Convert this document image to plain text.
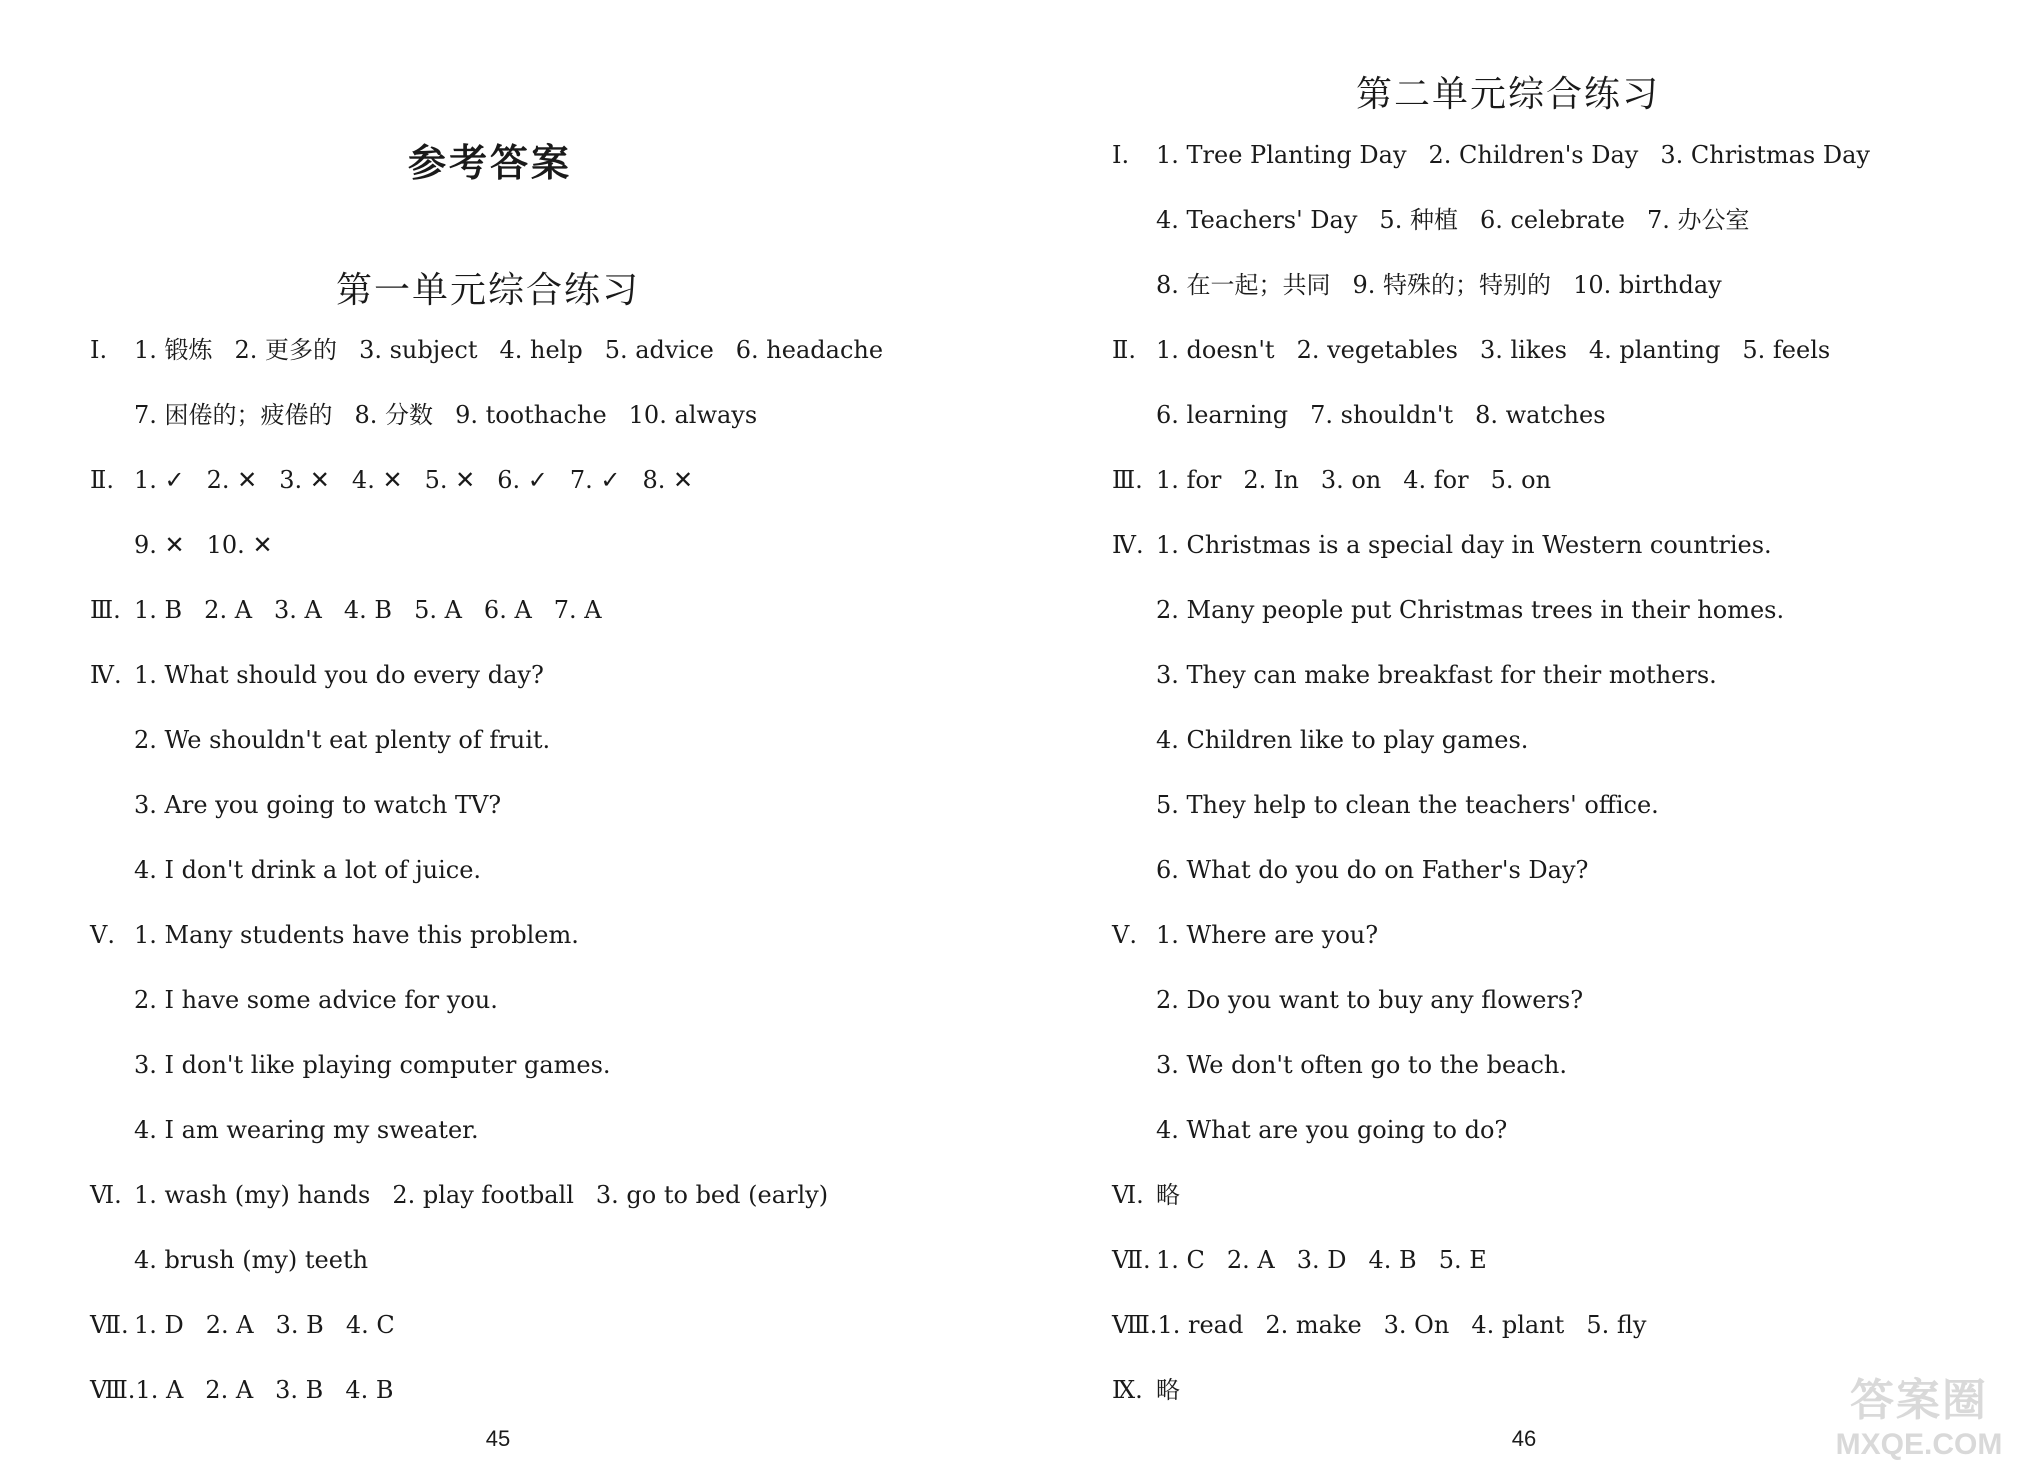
参考答案
第一单元综合练习
Ⅰ. 1. 锻炼 2. 更多的 3. subject 4. help 5. advice 6. headache
7. 困倦的；疲倦的 8. 分数 9. toothache 10. always
Ⅱ. 1. ✓ 2. ✕ 3. ✕ 4. ✕ 5. ✕ 6. ✓ 7. ✓ 8. ✕
9. ✕ 10. ✕
Ⅲ. 1. B 2. A 3. A 4. B 5. A 6. A 7. A
Ⅳ. 1. What should you do every day?
2. We shouldn't eat plenty of fruit.
3. Are you going to watch TV?
4. I don't drink a lot of juice.
Ⅴ. 1. Many students have this problem.
2. I have some advice for you.
3. I don't like playing computer games.
4. I am wearing my sweater.
Ⅵ. 1. wash (my) hands 2. play football 3. go to bed (early)
4. brush (my) teeth
Ⅶ. 1. D 2. A 3. B 4. C
Ⅷ.1. A 2. A 3. B 4. B
45
第二单元综合练习
Ⅰ. 1. Tree Planting Day 2. Children's Day 3. Christmas Day
4. Teachers' Day 5. 种植 6. celebrate 7. 办公室
8. 在一起；共同 9. 特殊的；特别的 10. birthday
Ⅱ. 1. doesn't 2. vegetables 3. likes 4. planting 5. feels
6. learning 7. shouldn't 8. watches
Ⅲ. 1. for 2. In 3. on 4. for 5. on
Ⅳ. 1. Christmas is a special day in Western countries.
2. Many people put Christmas trees in their homes.
3. They can make breakfast for their mothers.
4. Children like to play games.
5. They help to clean the teachers' office.
6. What do you do on Father's Day?
Ⅴ. 1. Where are you?
2. Do you want to buy any flowers?
3. We don't often go to the beach.
4. What are you going to do?
Ⅵ. 略
Ⅶ. 1. C 2. A 3. D 4. B 5. E
Ⅷ.1. read 2. make 3. On 4. plant 5. fly
Ⅸ. 略
46
答案圈
MXQE.COM
